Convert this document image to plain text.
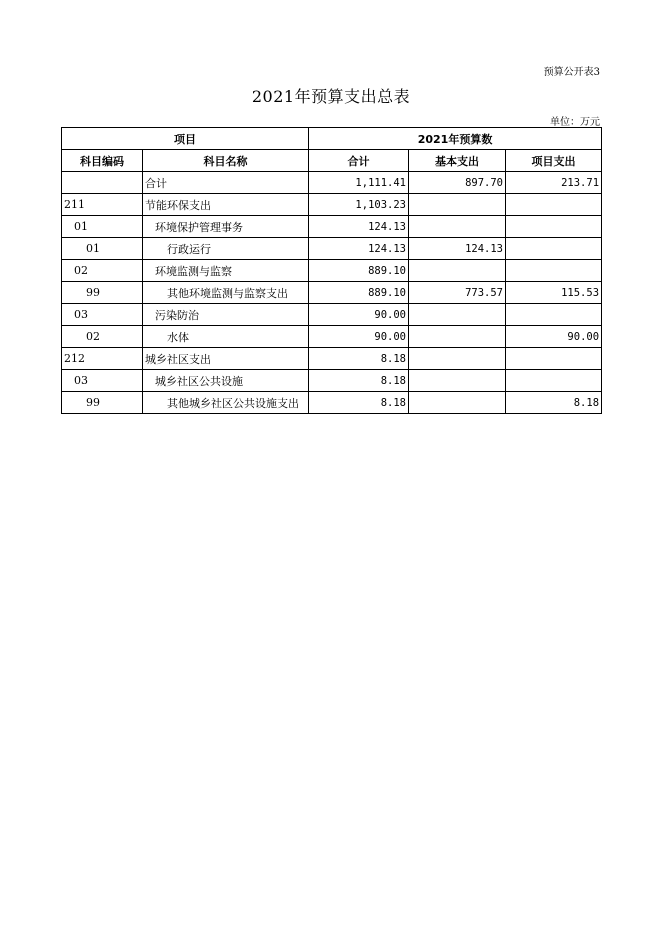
预算公开表3
2021年预算支出总表
单位：万元
项目		2021年预算数		
科目编码	科目名称	合计	基本支出	项目支出
	合计	1,111.41	897.70	213.71
211	节能环保支出	1,103.23		
01	环境保护管理事务	124.13		
01	行政运行	124.13	124.13	
02	环境监测与监察	889.10		
99	其他环境监测与监察支出	889.10	773.57	115.53
03	污染防治	90.00		
02	水体	90.00		90.00
212	城乡社区支出	8.18		
03	城乡社区公共设施	8.18		
99	其他城乡社区公共设施支出	8.18		8.18
